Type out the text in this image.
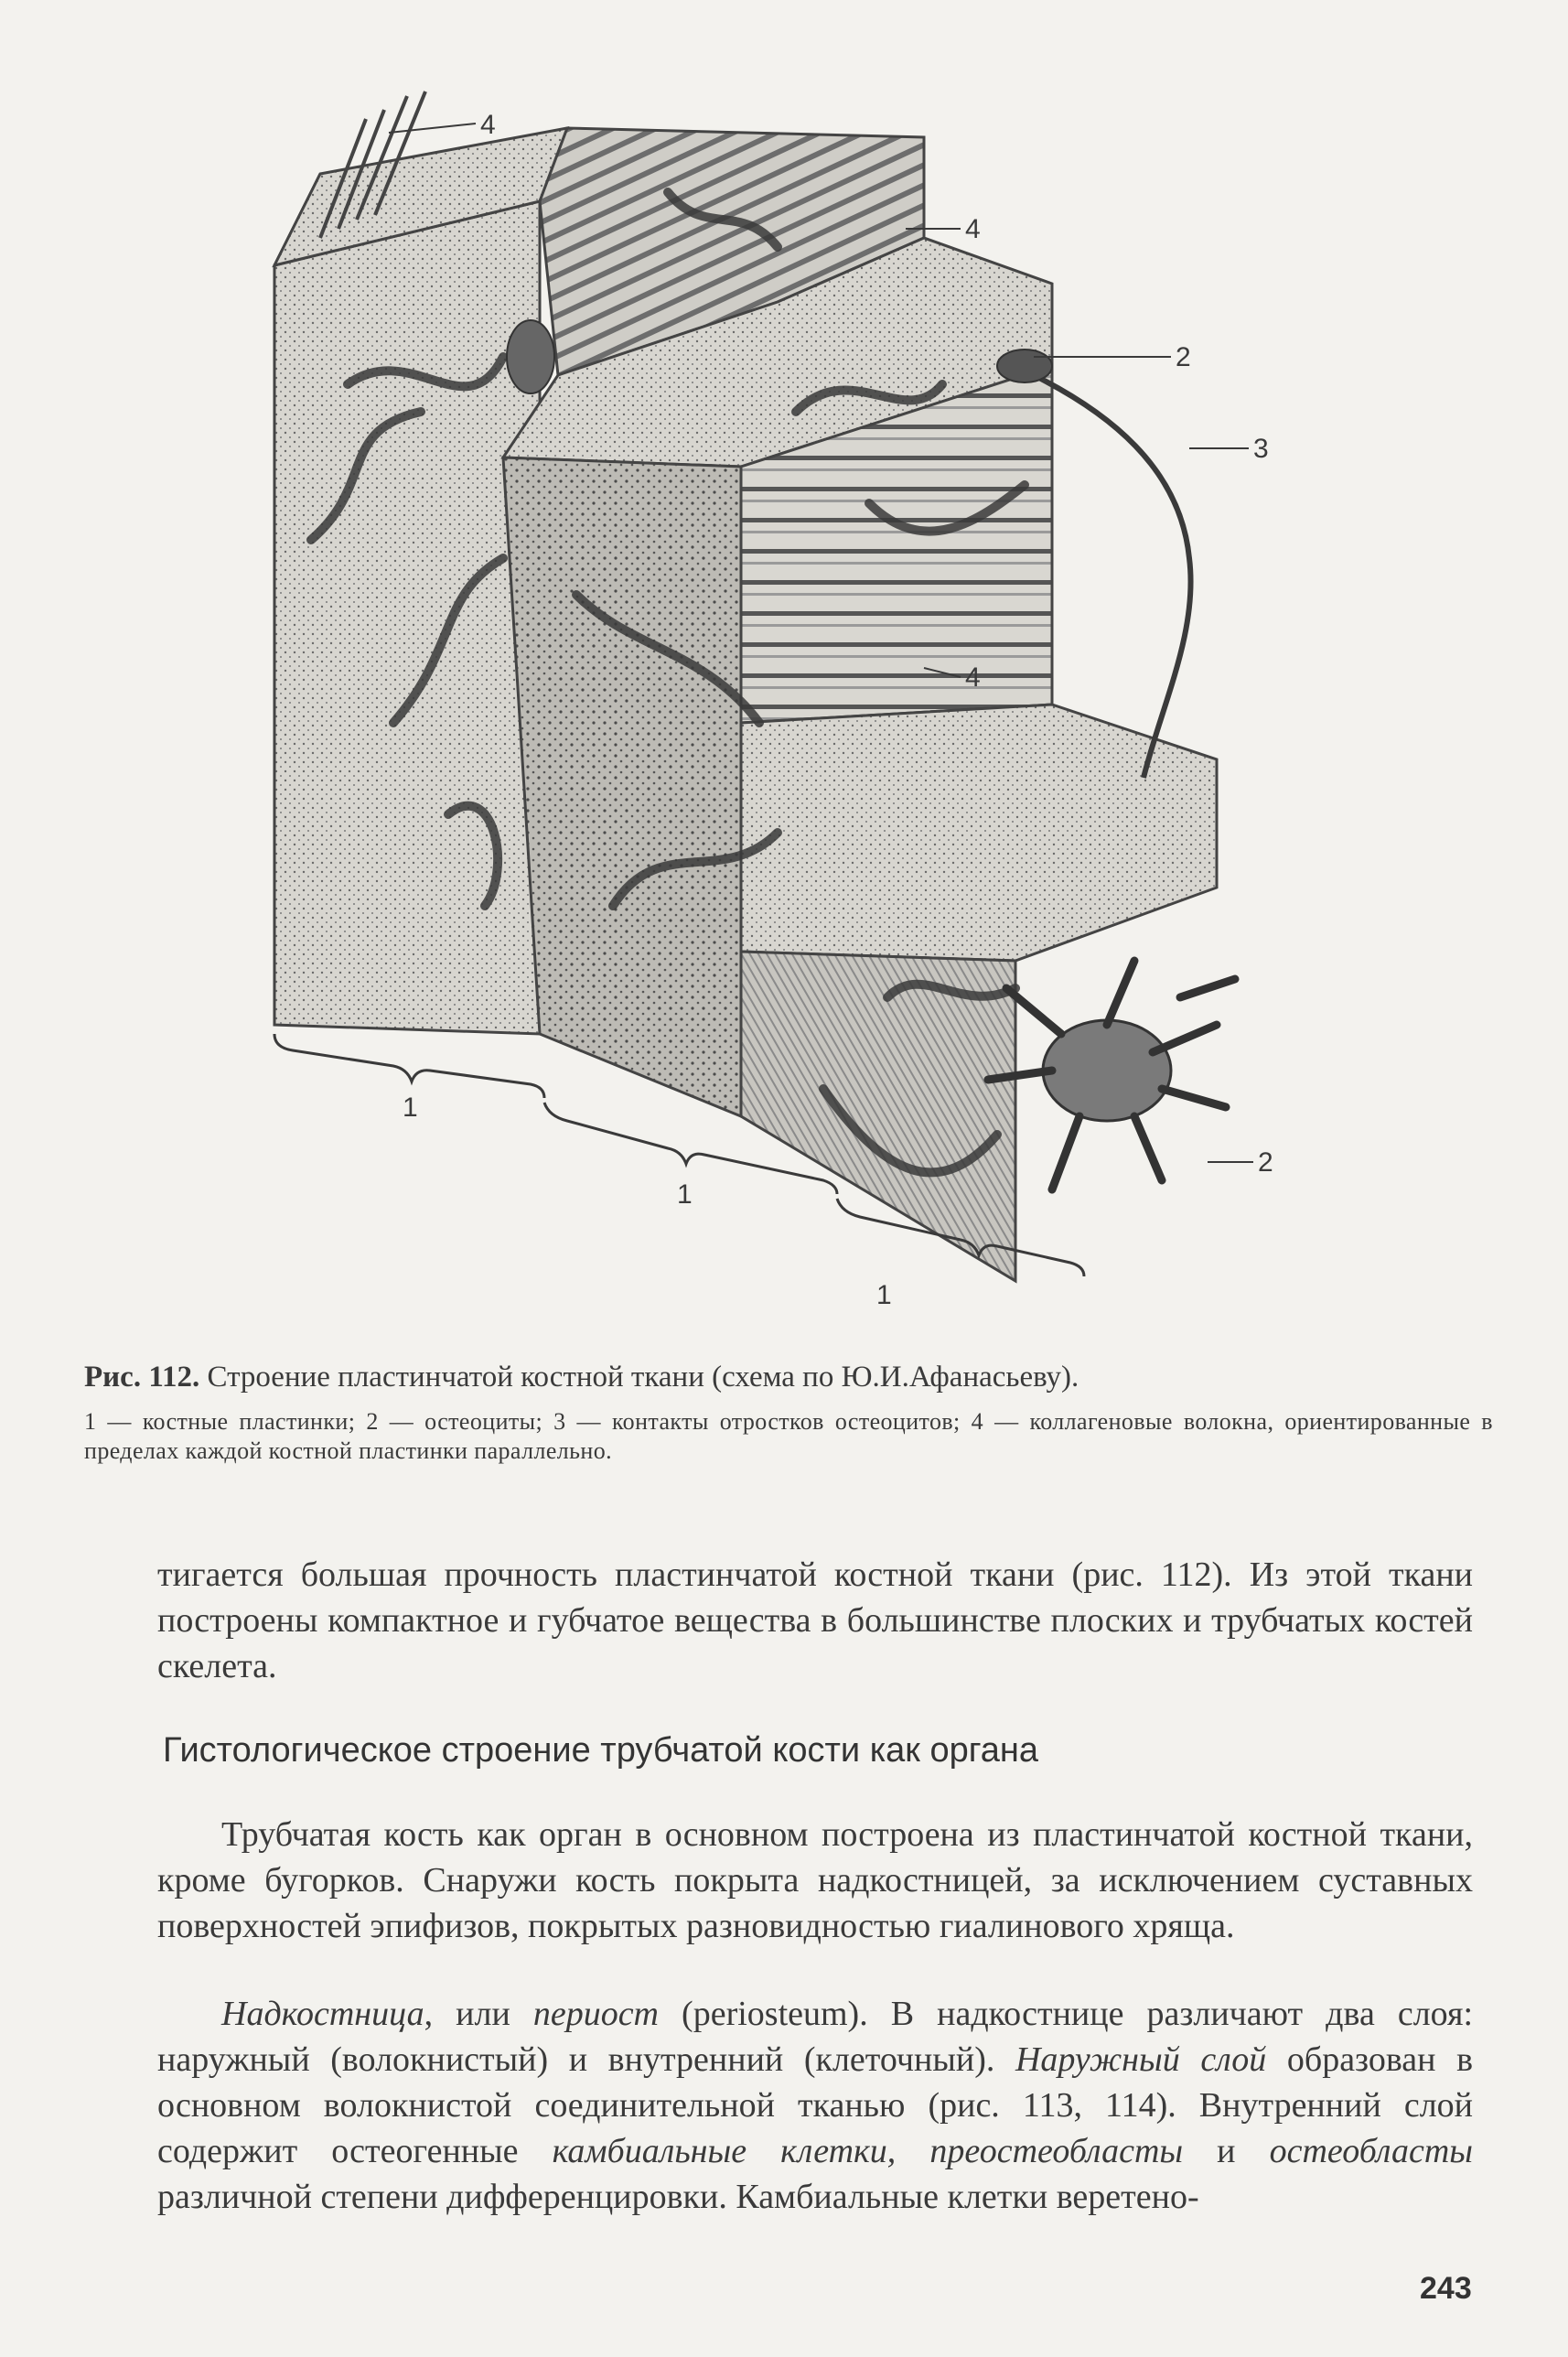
4
4
2
3
4
2
1
1
1

Рис. 112. Строение пластинчатой костной ткани (схема по Ю.И.Афанасьеву).

1 — костные пластинки; 2 — остеоциты; 3 — контакты отростков остеоцитов; 4 — коллагеновые волокна, ориентированные в пределах каждой костной пластинки параллельно.

тигается большая прочность пластинчатой костной ткани (рис. 112). Из этой ткани построены компактное и губчатое вещества в большинстве плоских и трубчатых костей скелета.

Гистологическое строение трубчатой кости как органа

Трубчатая кость как орган в основном построена из пластинчатой костной ткани, кроме бугорков. Снаружи кость покрыта надкостницей, за исключением суставных поверхностей эпифизов, покрытых разновидностью гиалинового хряща.

Надкостница, или периост (periosteum). В надкостнице различают два слоя: наружный (волокнистый) и внутренний (клеточный). Наружный слой образован в основном волокнистой соединительной тканью (рис. 113, 114). Внутренний слой содержит остеогенные камбиальные клетки, преостеобласты и остеобласты различной степени дифференцировки. Камбиальные клетки веретено-

243
